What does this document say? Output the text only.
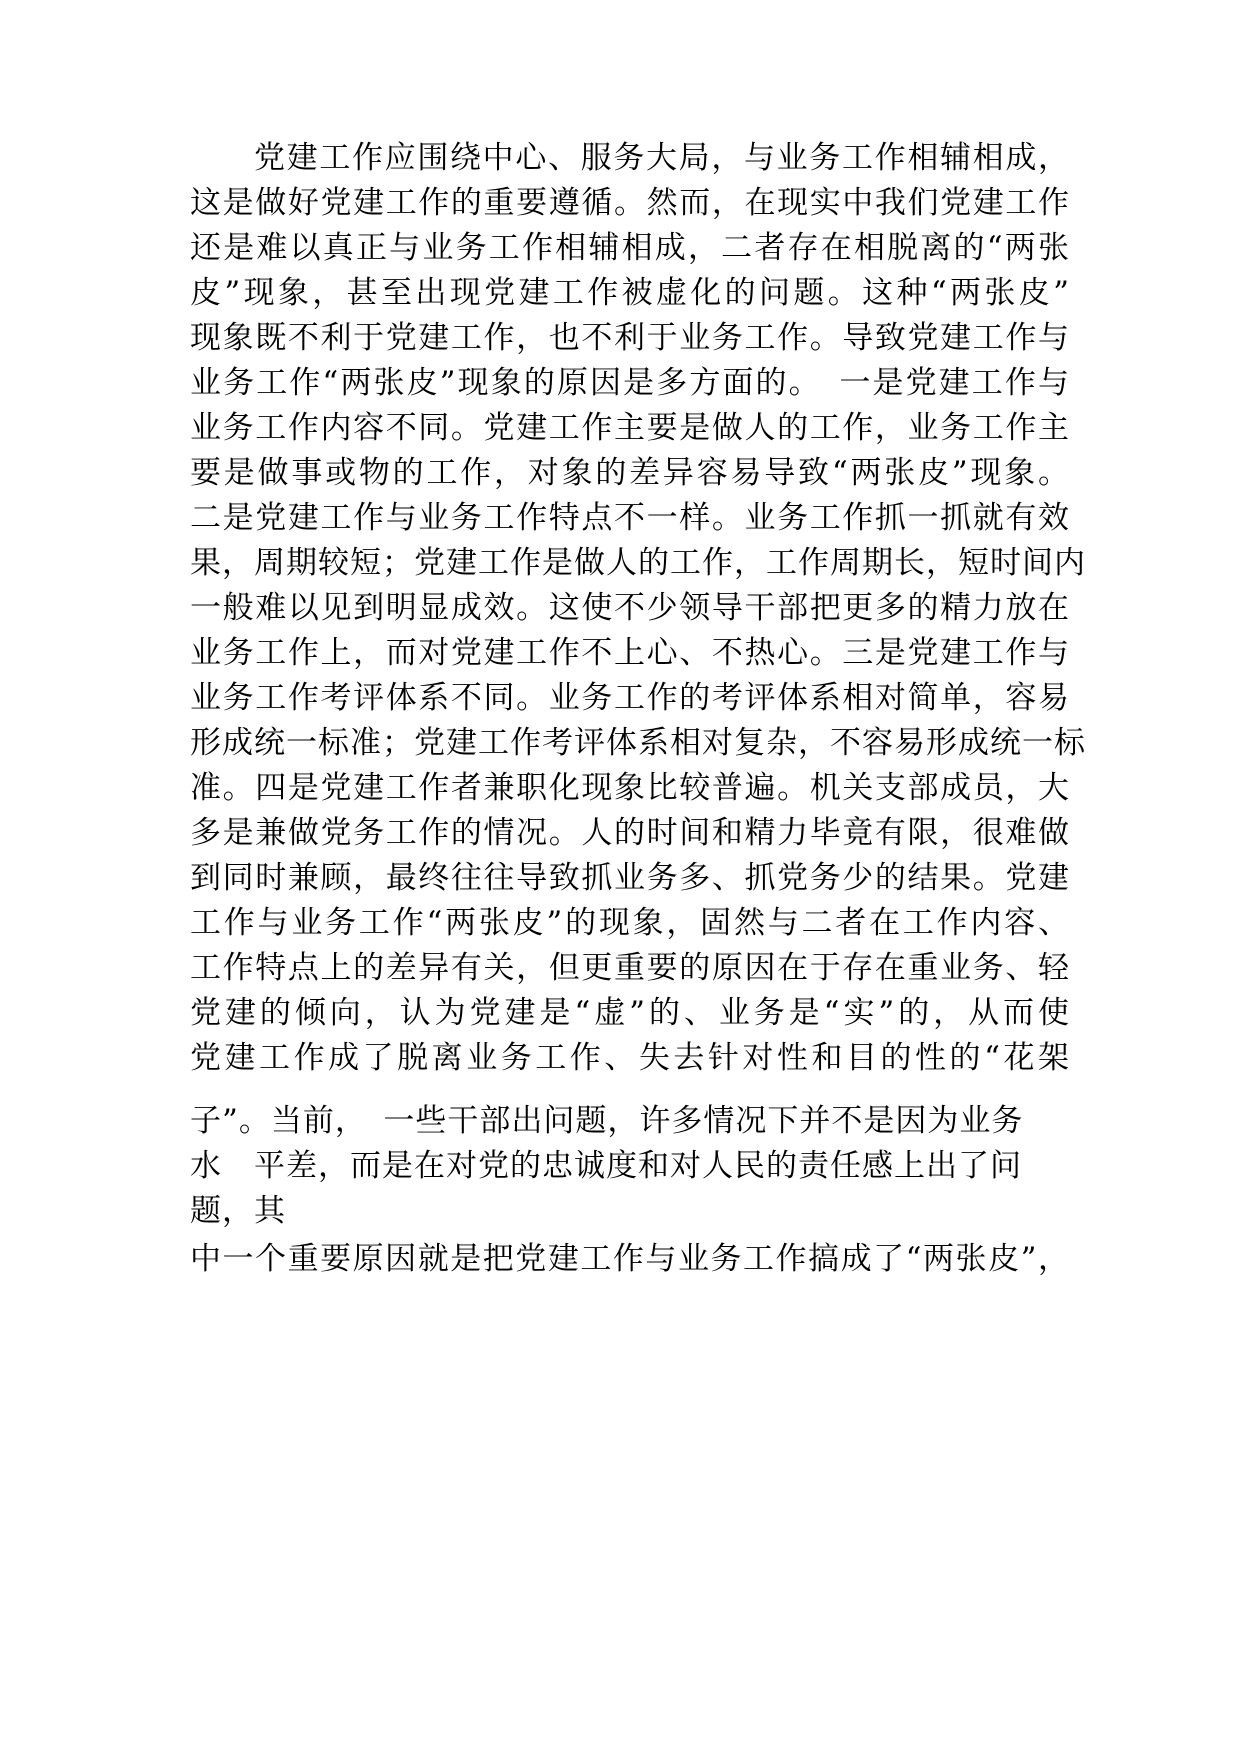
党建工作应围绕中心、服务大局，与业务工作相辅相成，
这是做好党建工作的重要遵循。然而，在现实中我们党建工作
还是难以真正与业务工作相辅相成，二者存在相脱离的“两张
皮”现象，甚至出现党建工作被虚化的问题。这种“两张皮”
现象既不利于党建工作，也不利于业务工作。导致党建工作与
业务工作“两张皮”现象的原因是多方面的。　一是党建工作与
业务工作内容不同。党建工作主要是做人的工作，业务工作主
要是做事或物的工作，对象的差异容易导致“两张皮”现象。
二是党建工作与业务工作特点不一样。业务工作抓一抓就有效
果，周期较短；党建工作是做人的工作，工作周期长，短时间内
一般难以见到明显成效。这使不少领导干部把更多的精力放在
业务工作上，而对党建工作不上心、不热心。三是党建工作与
业务工作考评体系不同。业务工作的考评体系相对简单，容易
形成统一标准；党建工作考评体系相对复杂，不容易形成统一标
准。四是党建工作者兼职化现象比较普遍。机关支部成员，大
多是兼做党务工作的情况。人的时间和精力毕竟有限，很难做
到同时兼顾，最终往往导致抓业务多、抓党务少的结果。党建
工作与业务工作“两张皮”的现象，固然与二者在工作内容、
工作特点上的差异有关，但更重要的原因在于存在重业务、轻
党建的倾向，认为党建是“虚”的、业务是“实”的，从而使
党建工作成了脱离业务工作、失去针对性和目的性的“花架
子”。当前，　一些干部出问题，许多情况下并不是因为业务
水　平差，而是在对党的忠诚度和对人民的责任感上出了问
题，其
中一个重要原因就是把党建工作与业务工作搞成了“两张皮”，
